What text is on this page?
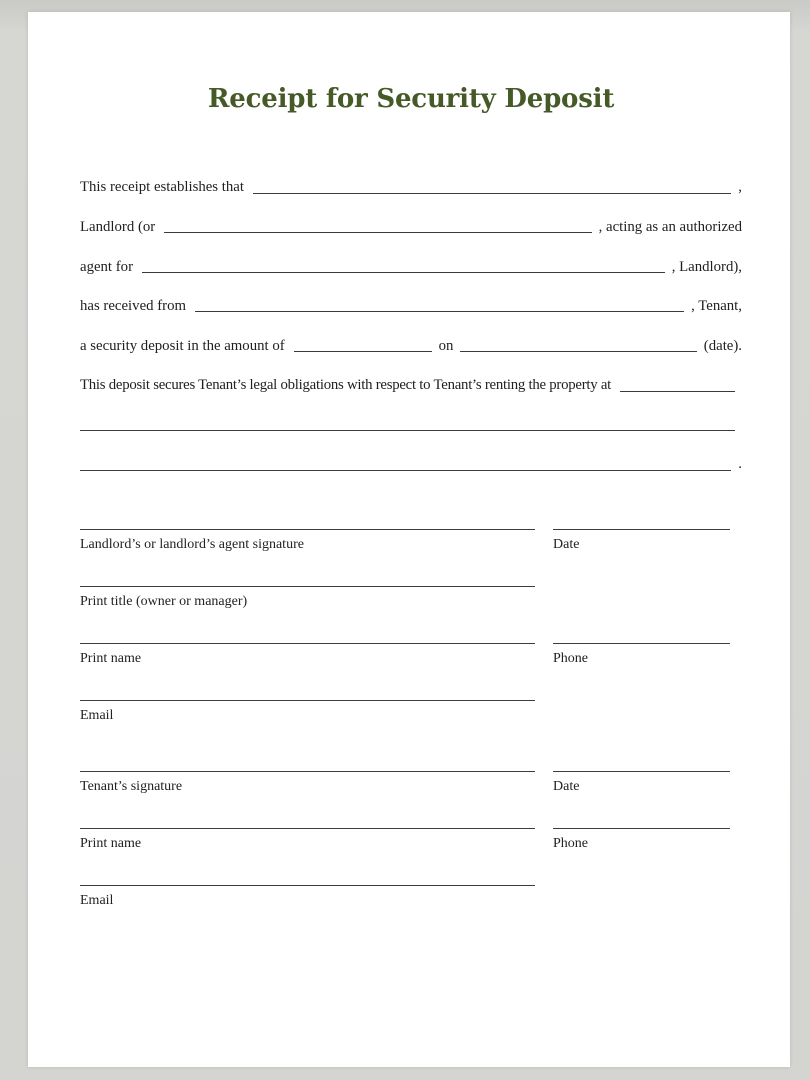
Receipt for Security Deposit
This receipt establishes that	,
Landlord (or	, acting as an authorized
agent for	, Landlord),
has received from	, Tenant,
a security deposit in the amount of	on	(date).
This deposit secures Tenant’s legal obligations with respect to Tenant’s renting the property at
.
Landlord’s or landlord’s agent signature	Date
Print title (owner or manager)
Print name	Phone
Email
Tenant’s signature	Date
Print name	Phone
Email
